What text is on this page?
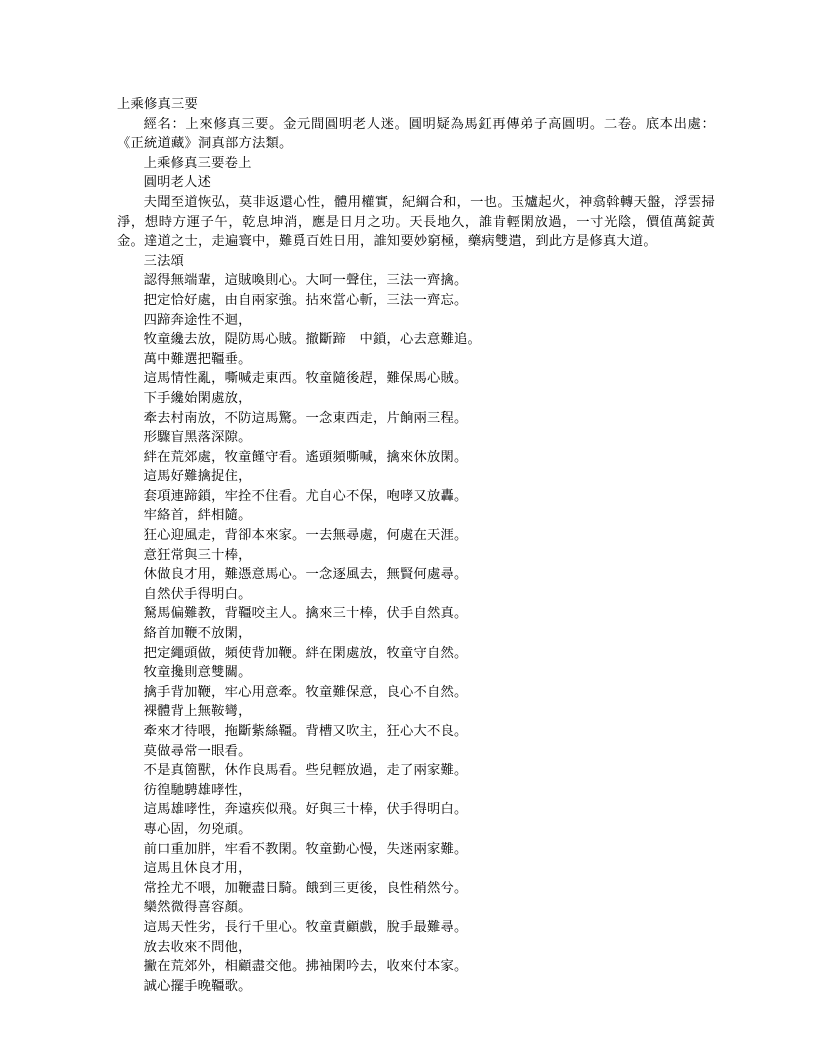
上乘修真三要
經名：上來修真三要。金元間圓明老人迷。圓明疑為馬釭再傳弟子高圓明。二卷。底本出處：《正統道藏》洞真部方法類。
上乘修真三要卷上
圓明老人述
夫聞至道恢弘，莫非返還心性，體用權實，紀綱合和，一也。玉爐起火，神翕斡轉天盤，浮雲掃淨，想時方運子午，乾息坤消，應是日月之功。天長地久，誰肯輕閑放過，一寸光陰，價值萬錠黃金。達道之士，走遍寰中，難覓百姓日用，誰知要妙窮極，藥病雙遣，到此方是修真大道。
三法頌
認得無端輩，這賊喚則心。大呵一聲住，三法一齊擒。
把定恰好處，由自兩家強。拈來當心斬，三法一齊忘。
四蹄奔途性不迴，
牧童纔去放，隄防馬心賊。撤斷蹄　中鎖，心去意難追。
萬中難選把韁垂。
這馬情性亂，嘶喊走東西。牧童隨後趕，難保馬心賊。
下手纔始閑處放，
牽去村南放，不防這馬驚。一念東西走，片餉兩三程。
形驟盲黑落深隙。
絆在荒郊處，牧童饉守看。遙頭頻嘶喊，擒來休放閑。
這馬好難擒捉住，
套項連蹄鎖，牢拴不住看。尤自心不保，咆哮又放轟。
牢絡首，絆相隨。
狂心迎風走，背卻本來家。一去無尋處，何處在天涯。
意狂常與三十棒，
休做良才用，難憑意馬心。一念逐風去，無賢何處尋。
自然伏手得明白。
駑馬偏難教，背韁咬主人。擒來三十棒，伏手自然真。
絡首加鞭不放閑，
把定繩頭做，頻使背加鞭。絆在閑處放，牧童守自然。
牧童攙則意雙關。
擒手背加鞭，牢心用意牽。牧童難保意，良心不自然。
裸體背上無鞍彎，
牽來才待喂，拖斷紫絲韁。背槽又吹主，狂心大不良。
莫做尋常一眼看。
不是真箇獸，休作良馬看。些兒輕放過，走了兩家難。
彷徨馳騁雄哮性，
這馬雄哮性，奔遠疾似飛。好與三十棒，伏手得明白。
專心固，勿兇頑。
前口重加胖，牢看不教閑。牧童勤心慢，失迷兩家難。
這馬且休良才用，
常拴尤不喂，加鞭盡日騎。餓到三更後，良性稍然兮。
欒然微得喜容顏。
這馬天性劣，長行千里心。牧童責顧戲，脫手最難尋。
放去收來不問他，
撇在荒郊外，相顧盡交他。拂袖閑吟去，收來付本家。
誠心擺手晚韁歌。
